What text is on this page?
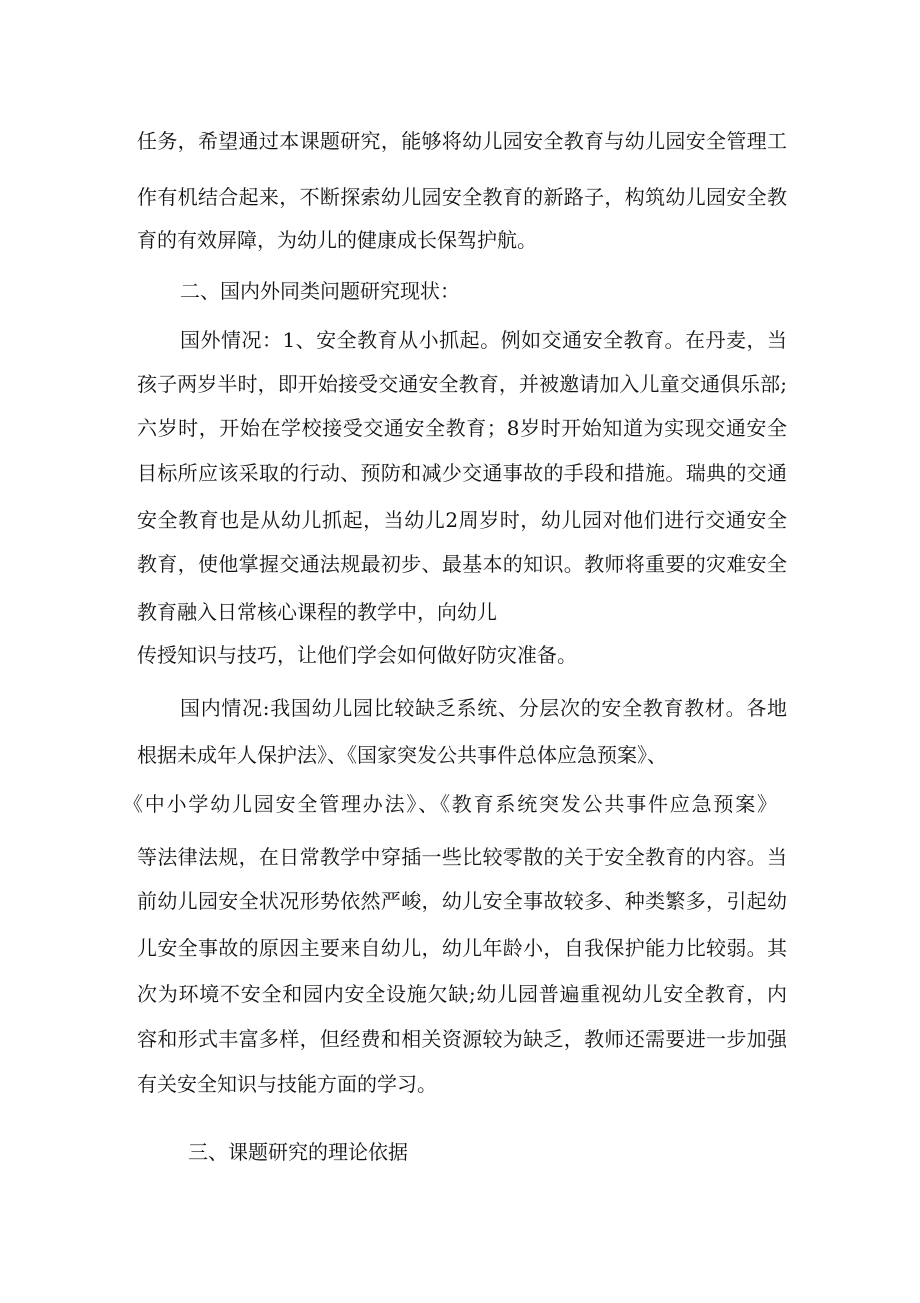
任务，希望通过本课题研究，能够将幼儿园安全教育与幼儿园安全管理工
作有机结合起来，不断探索幼儿园安全教育的新路子，构筑幼儿园安全教
育的有效屏障，为幼儿的健康成长保驾护航。
二、国内外同类问题研究现状：
国外情况：1、安全教育从小抓起。例如交通安全教育。在丹麦，当
孩子两岁半时，即开始接受交通安全教育，并被邀请加入儿童交通俱乐部;
六岁时，开始在学校接受交通安全教育；8岁时开始知道为实现交通安全
目标所应该采取的行动、预防和减少交通事故的手段和措施。瑞典的交通
安全教育也是从幼儿抓起，当幼儿2周岁时，幼儿园对他们进行交通安全
教育，使他掌握交通法规最初步、最基本的知识。教师将重要的灾难安全
教育融入日常核心课程的教学中，向幼儿
传授知识与技巧，让他们学会如何做好防灾准备。
国内情况:我国幼儿园比较缺乏系统、分层次的安全教育教材。各地
根据未成年人保护法》、《国家突发公共事件总体应急预案》、
《中小学幼儿园安全管理办法》、《教育系统突发公共事件应急预案》
等法律法规，在日常教学中穿插一些比较零散的关于安全教育的内容。当
前幼儿园安全状况形势依然严峻，幼儿安全事故较多、种类繁多，引起幼
儿安全事故的原因主要来自幼儿，幼儿年龄小，自我保护能力比较弱。其
次为环境不安全和园内安全设施欠缺;幼儿园普遍重视幼儿安全教育，内
容和形式丰富多样，但经费和相关资源较为缺乏，教师还需要进一步加强
有关安全知识与技能方面的学习。
三、课题研究的理论依据
